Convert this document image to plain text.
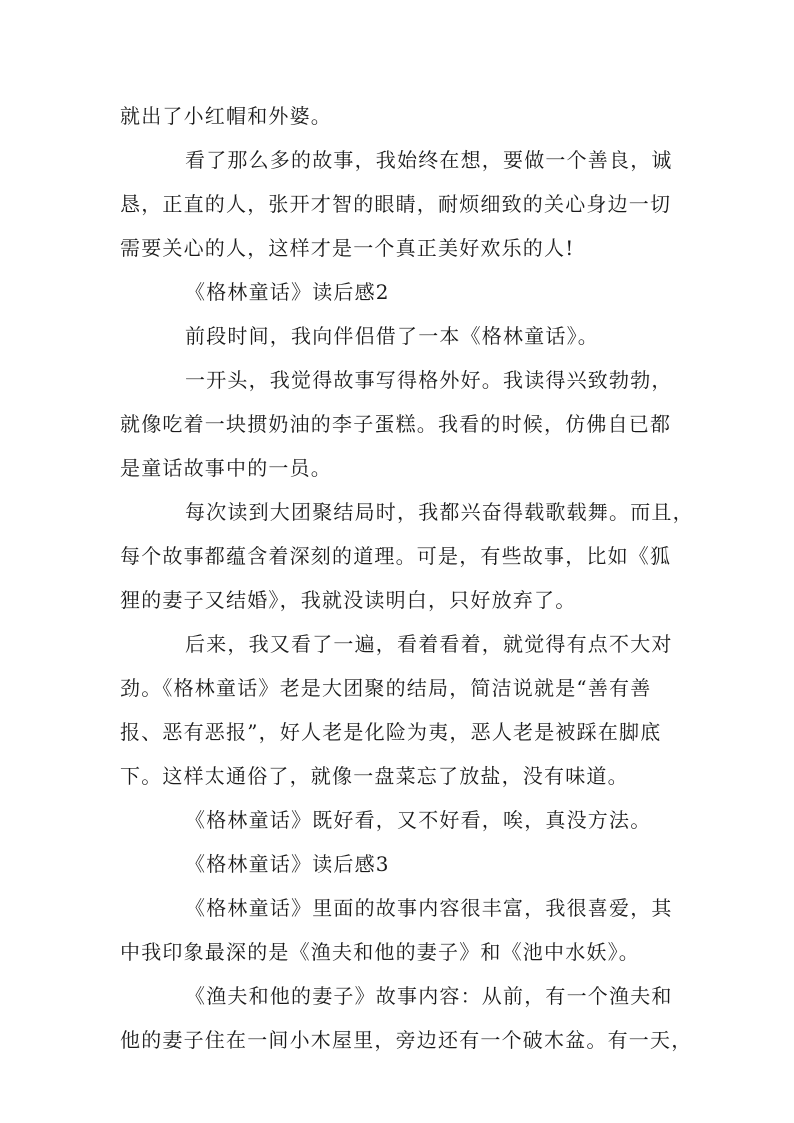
就出了小红帽和外婆。
看了那么多的故事，我始终在想，要做一个善良，诚
恳，正直的人，张开才智的眼睛，耐烦细致的关心身边一切
需要关心的人，这样才是一个真正美好欢乐的人!
《格林童话》读后感2
前段时间，我向伴侣借了一本《格林童话》。
一开头，我觉得故事写得格外好。我读得兴致勃勃，
就像吃着一块掼奶油的李子蛋糕。我看的时候，仿佛自已都
是童话故事中的一员。
每次读到大团聚结局时，我都兴奋得载歌载舞。而且，
每个故事都蕴含着深刻的道理。可是，有些故事，比如《狐
狸的妻子又结婚》，我就没读明白，只好放弃了。
后来，我又看了一遍，看着看着，就觉得有点不大对
劲。《格林童话》老是大团聚的结局，简洁说就是“善有善
报、恶有恶报”，好人老是化险为夷，恶人老是被踩在脚底
下。这样太通俗了，就像一盘菜忘了放盐，没有味道。
《格林童话》既好看，又不好看，唉，真没方法。
《格林童话》读后感3
《格林童话》里面的故事内容很丰富，我很喜爱，其
中我印象最深的是《渔夫和他的妻子》和《池中水妖》。
《渔夫和他的妻子》故事内容：从前，有一个渔夫和
他的妻子住在一间小木屋里，旁边还有一个破木盆。有一天，
